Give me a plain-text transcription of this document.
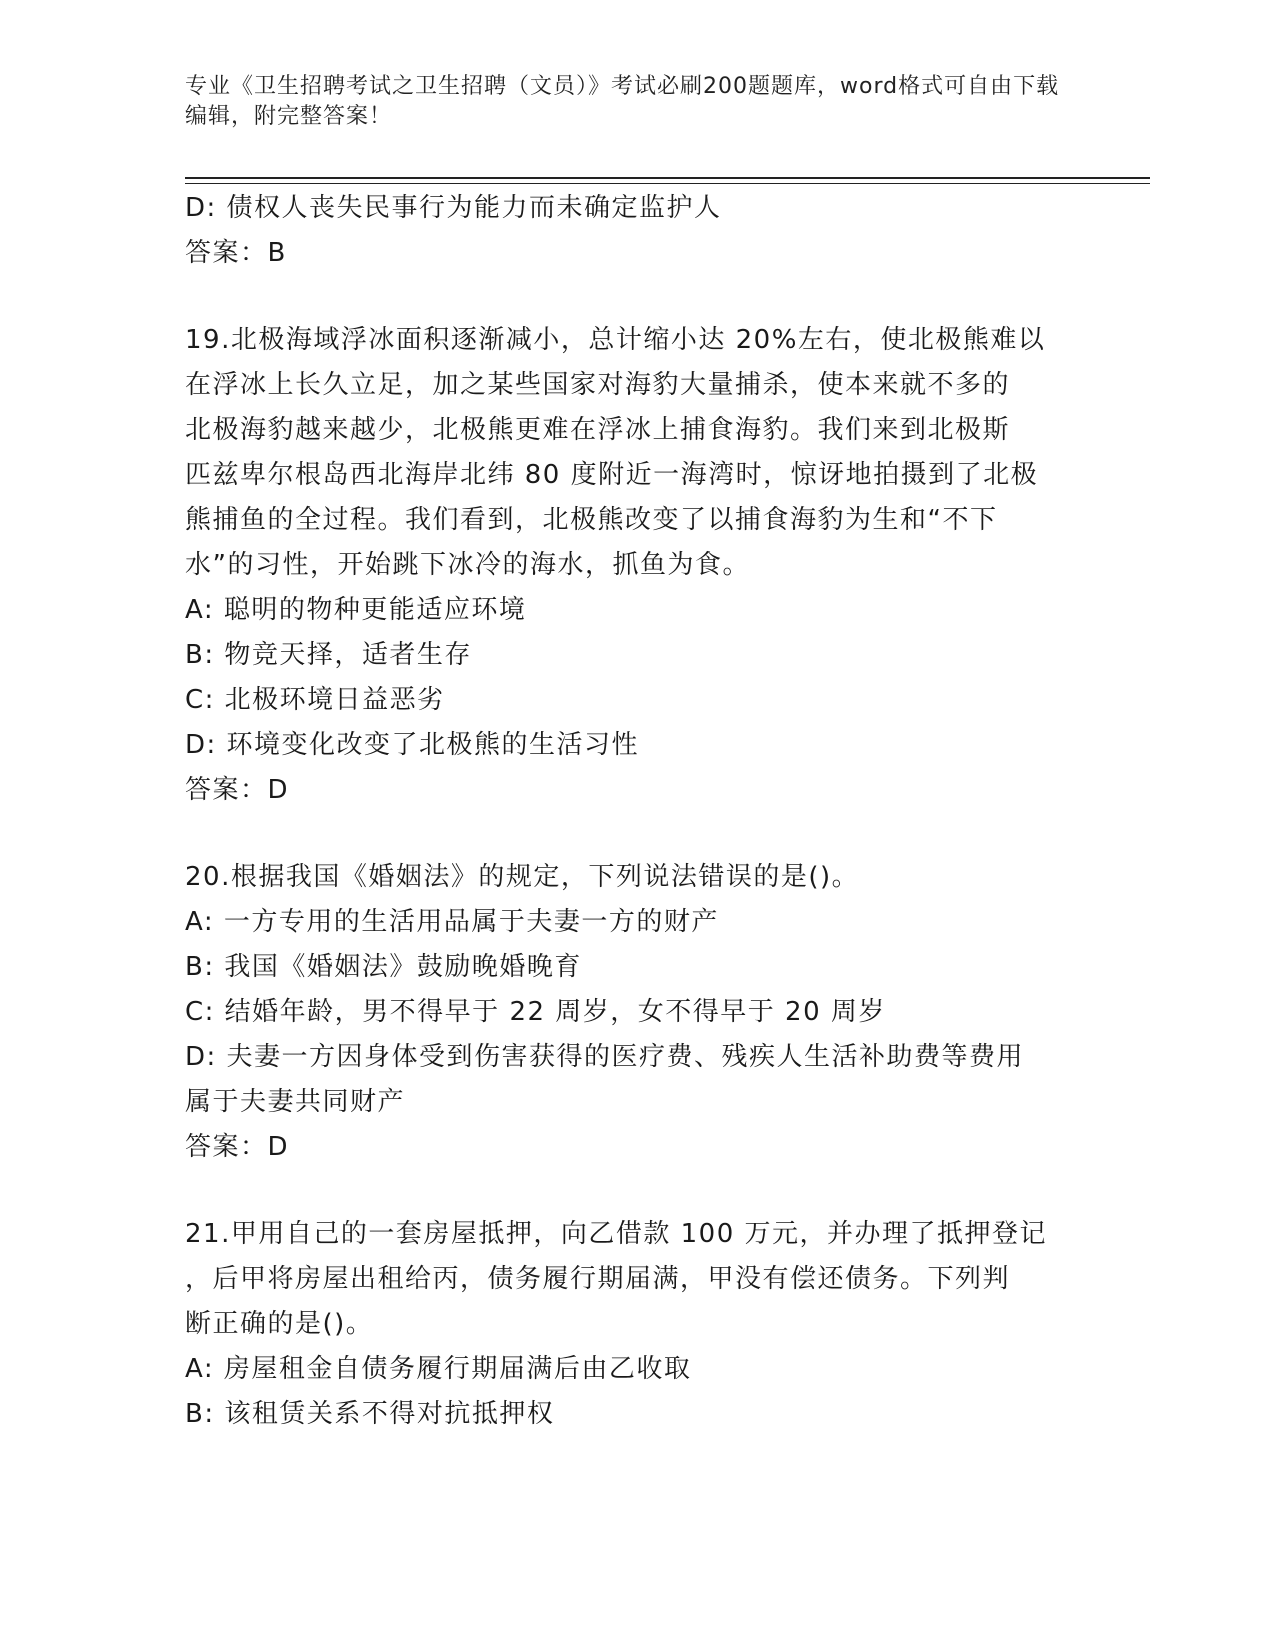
专业《卫生招聘考试之卫生招聘（文员）》考试必刷200题题库，word格式可自由下载编辑，附完整答案！
D: 债权人丧失民事行为能力而未确定监护人
答案：B
19.北极海域浮冰面积逐渐减小，总计缩小达 20%左右，使北极熊难以
在浮冰上长久立足，加之某些国家对海豹大量捕杀，使本来就不多的
北极海豹越来越少，北极熊更难在浮冰上捕食海豹。我们来到北极斯
匹兹卑尔根岛西北海岸北纬 80 度附近一海湾时，惊讶地拍摄到了北极
熊捕鱼的全过程。我们看到，北极熊改变了以捕食海豹为生和“不下
水”的习性，开始跳下冰冷的海水，抓鱼为食。
A: 聪明的物种更能适应环境
B: 物竞天择，适者生存
C: 北极环境日益恶劣
D: 环境变化改变了北极熊的生活习性
答案：D
20.根据我国《婚姻法》的规定，下列说法错误的是()。
A: 一方专用的生活用品属于夫妻一方的财产
B: 我国《婚姻法》鼓励晚婚晚育
C: 结婚年龄，男不得早于 22 周岁，女不得早于 20 周岁
D: 夫妻一方因身体受到伤害获得的医疗费、残疾人生活补助费等费用
属于夫妻共同财产
答案：D
21.甲用自己的一套房屋抵押，向乙借款 100 万元，并办理了抵押登记
，后甲将房屋出租给丙，债务履行期届满，甲没有偿还债务。下列判
断正确的是()。
A: 房屋租金自债务履行期届满后由乙收取
B: 该租赁关系不得对抗抵押权
